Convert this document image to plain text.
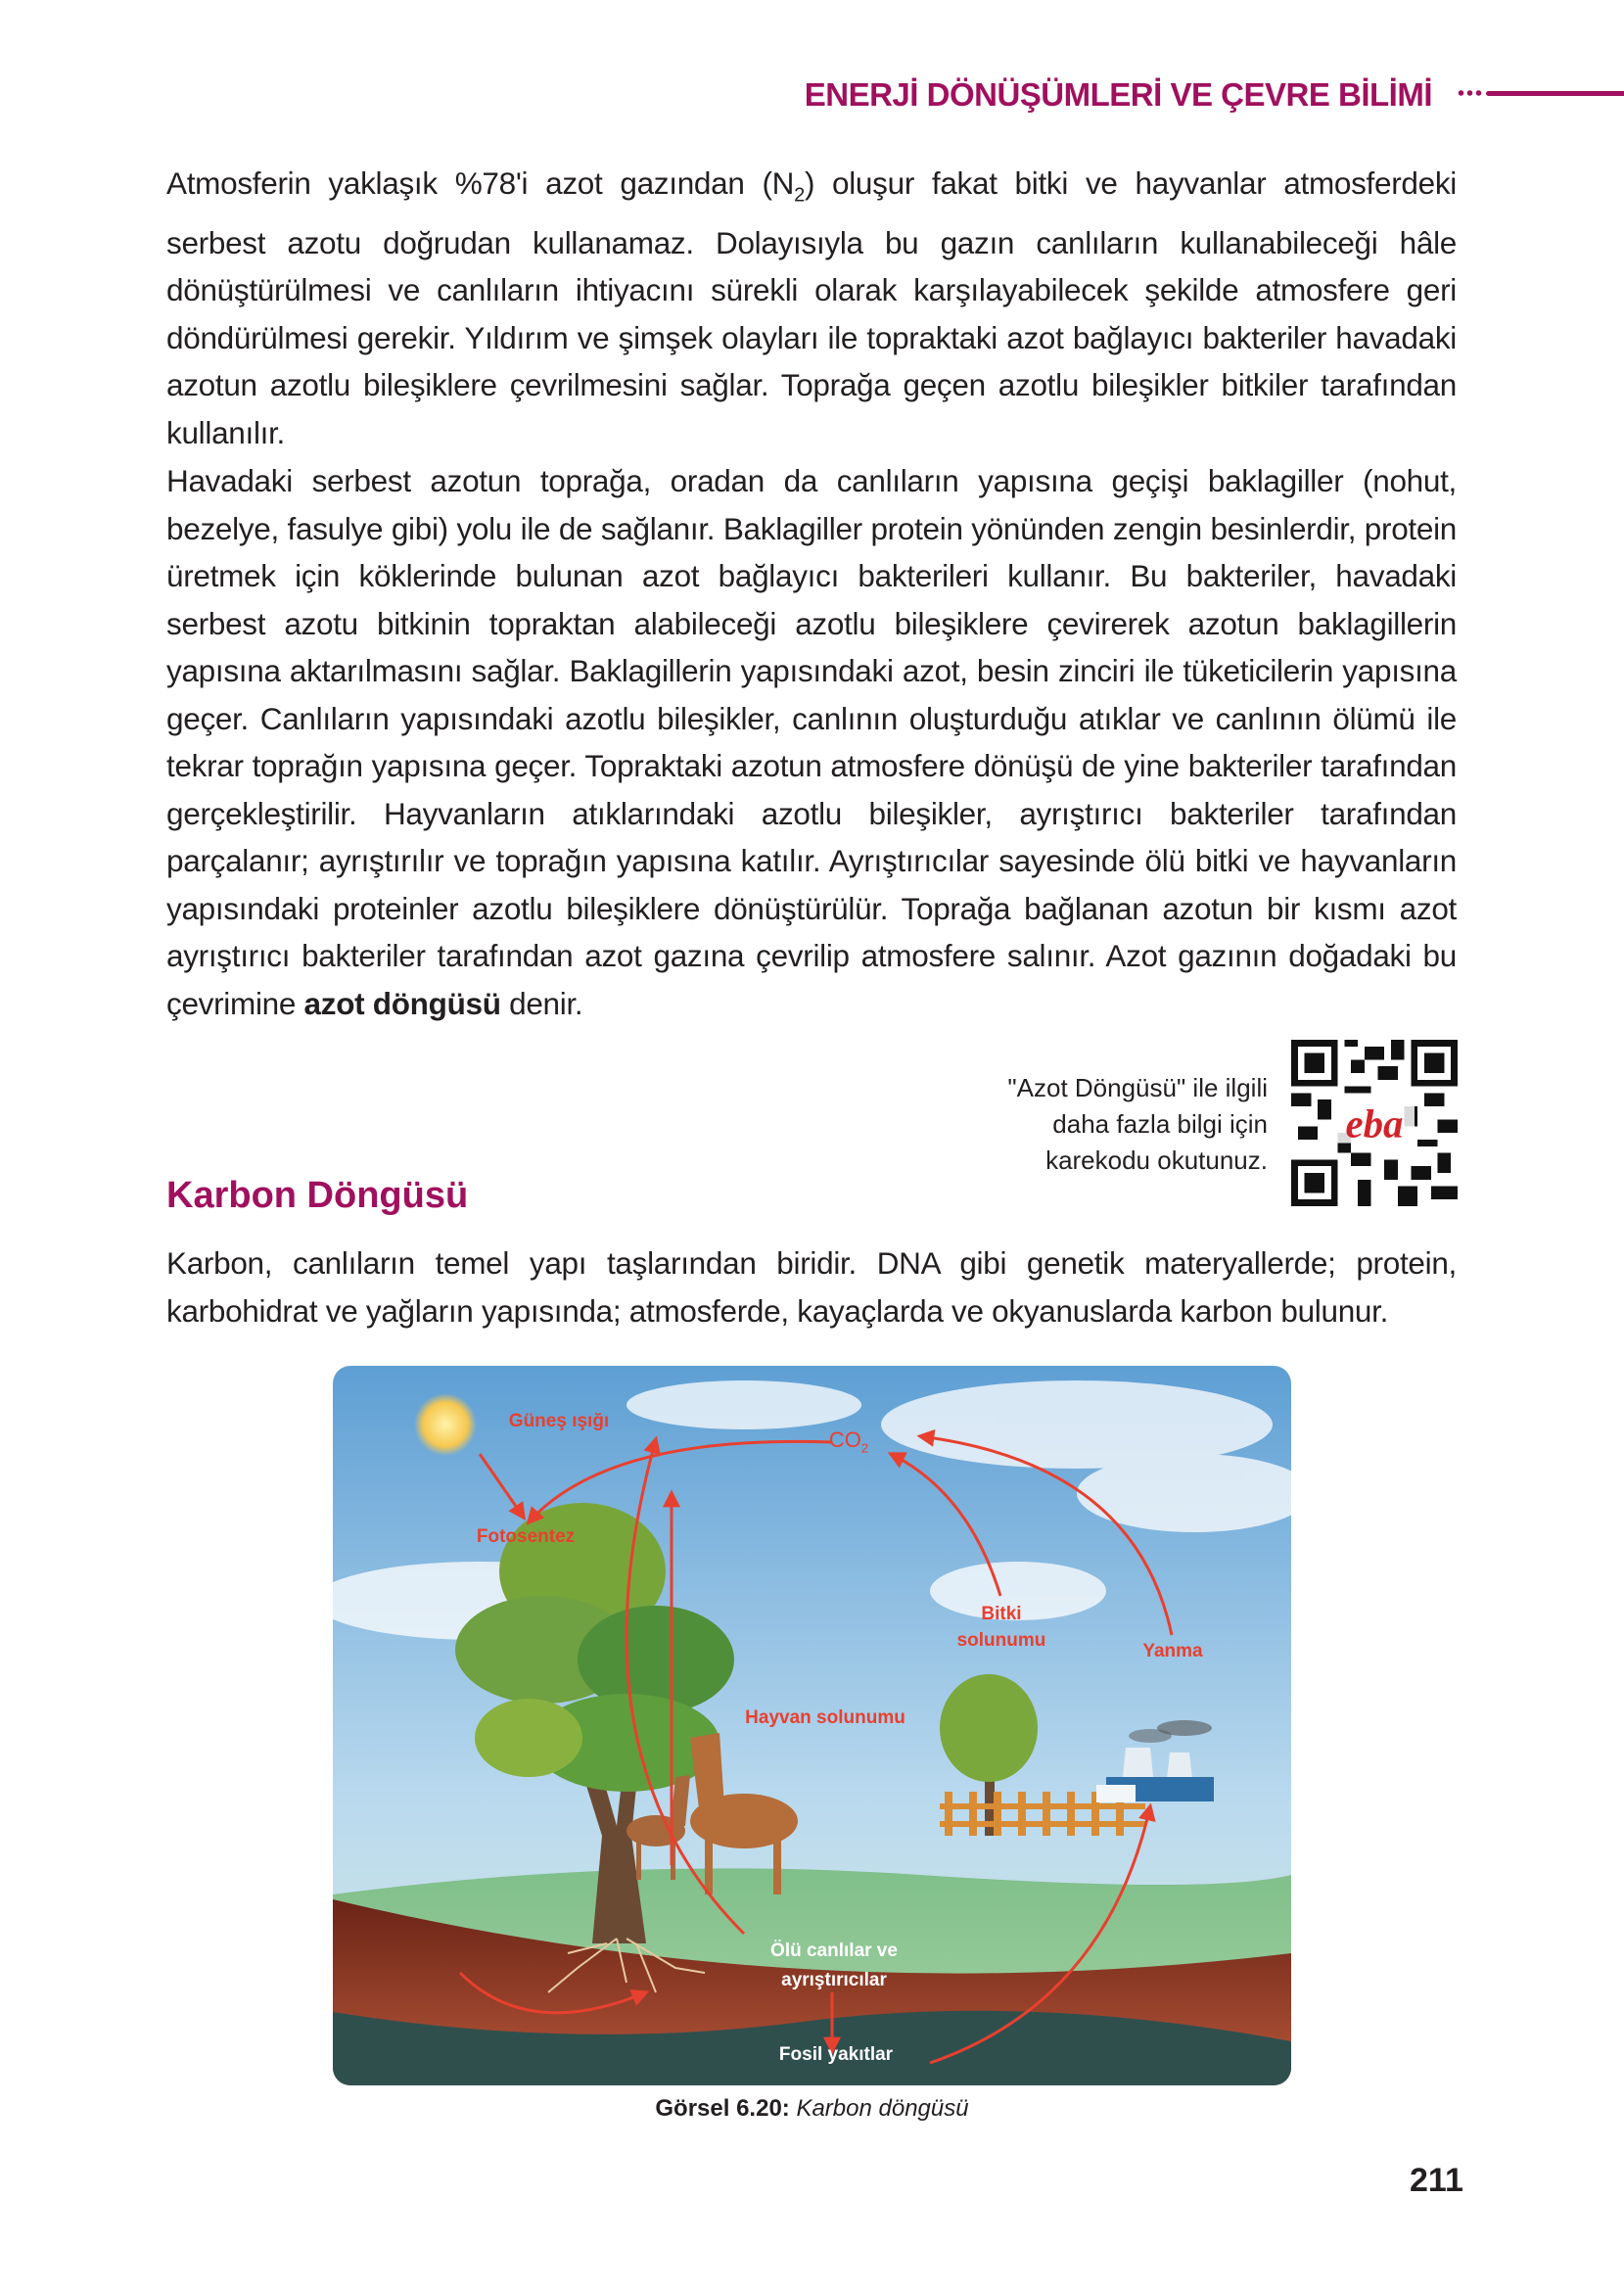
ENERJİ DÖNÜŞÜMLERİ VE ÇEVRE BİLİMİ

Atmosferin yaklaşık %78'i azot gazından $(N_2)$ oluşur fakat bitki ve hayvanlar atmosferdeki serbest azotu doğrudan kullanamaz. Dolayısıyla bu gazın canlıların kullanabileceği hâle dönüştürülmesi ve canlıların ihtiyacını sürekli olarak karşılayabilecek şekilde atmosfere geri döndürülmesi gerekir. Yıldırım ve şimşek olayları ile topraktaki azot bağlayıcı bakteriler havadaki azotun azotlu bileşiklere çevrilmesini sağlar. Toprağa geçen azotlu bileşikler bitkiler tarafından kullanılır.

Havadaki serbest azotun toprağa, oradan da canlıların yapısına geçişi baklagiller (nohut, bezelye, fasulye gibi) yolu ile de sağlanır. Baklagiller protein yönünden zengin besinlerdir, protein üretmek için köklerinde bulunan azot bağlayıcı bakterileri kullanır. Bu bakteriler, havadaki serbest azotu bitkinin topraktan alabileceği azotlu bileşiklere çevirerek azotun baklagillerin yapısına aktarılmasını sağlar. Baklagillerin yapısındaki azot, besin zinciri ile tüketicilerin yapısına geçer. Canlıların yapısındaki azotlu bileşikler, canlının oluşturduğu atıklar ve canlının ölümü ile tekrar toprağın yapısına geçer. Topraktaki azotun atmosfere dönüşü de yine bakteriler tarafından gerçekleştirilir. Hayvanların atıklarındaki azotlu bileşikler, ayrıştırıcı bakteriler tarafından parçalanır; ayrıştırılır ve toprağın yapısına katılır. Ayrıştırıcılar sayesinde ölü bitki ve hayvanların yapısındaki proteinler azotlu bileşiklere dönüştürülür. Toprağa bağlanan azotun bir kısmı azot ayrıştırıcı bakteriler tarafından azot gazına çevrilip atmosfere salınır. Azot gazının doğadaki bu çevrimine azot döngüsü denir.

"Azot Döngüsü" ile ilgili daha fazla bilgi için karekodu okutunuz.
eba
Karbon Döngüsü

Karbon, canlıların temel yapı taşlarından biridir. DNA gibi genetik materyallerde; protein, karbohidrat ve yağların yapısında; atmosferde, kayaçlarda ve okyanuslarda karbon bulunur.

Güneş ışığı
$CO_2$
Fotosentez
Bitki
solunumu
Yanma
Hayvan solunumu
Ölü canlılar ve
ayrıştırıcılar
Fosil yakıtlar
Görsel 6.20: Karbon döngüsü
211
